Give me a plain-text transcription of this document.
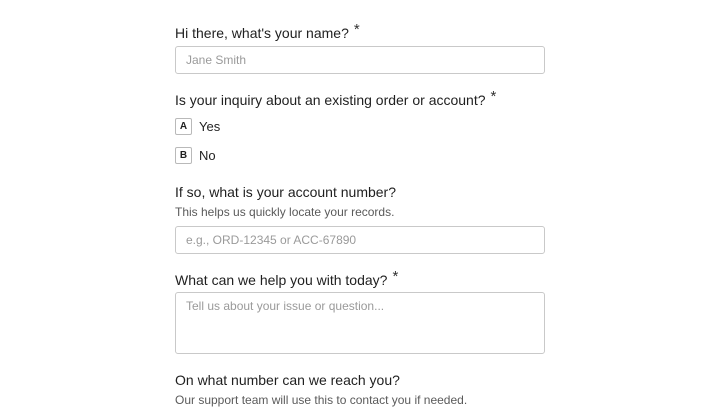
Hi there, what's your name? *
Jane Smith
Is your inquiry about an existing order or account? *
A Yes
B No
If so, what is your account number?
This helps us quickly locate your records.
e.g., ORD-12345 or ACC-67890
What can we help you with today? *
Tell us about your issue or question...
On what number can we reach you?
Our support team will use this to contact you if needed.
